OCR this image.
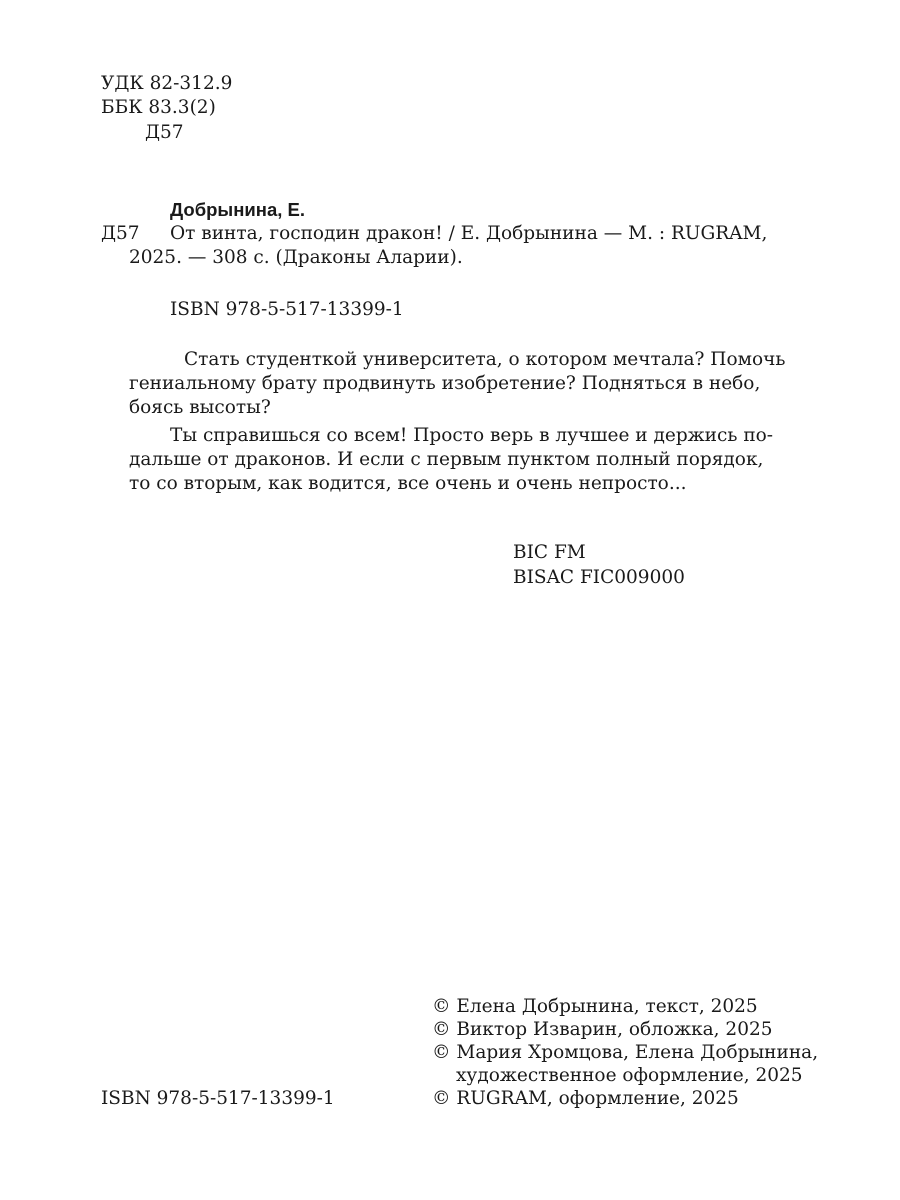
УДК 82-312.9
ББК 83.3(2)
Д57
Добрынина, Е.
Д57 От винта, господин дракон! / Е. Добрынина — М. : RUGRAM,
2025. — 308 с. (Драконы Аларии).
ISBN 978-5-517-13399-1
Стать студенткой университета, о котором мечтала? Помочь
гениальному брату продвинуть изобретение? Подняться в небо,
боясь высоты?
Ты справишься со всем! Просто верь в лучшее и держись по-
дальше от драконов. И если с первым пунктом полный порядок,
то со вторым, как водится, все очень и очень непросто...
BIC FM
BISAC FIC009000
© Елена Добрынина, текст, 2025
© Виктор Изварин, обложка, 2025
© Мария Хромцова, Елена Добрынина,
художественное оформление, 2025
© RUGRAM, оформление, 2025
ISBN 978-5-517-13399-1
